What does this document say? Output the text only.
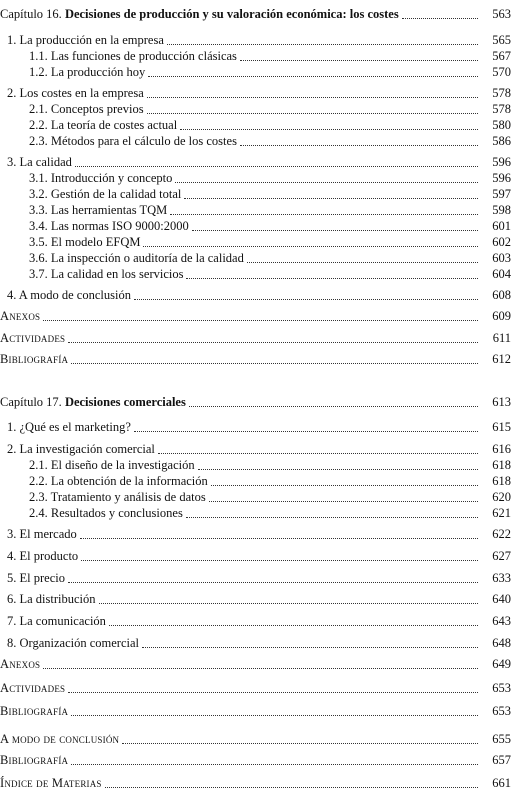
Capítulo 16. Decisiones de producción y su valoración económica: los costes	563
1. La producción en la empresa	565
1.1. Las funciones de producción clásicas	567
1.2. La producción hoy	570
2. Los costes en la empresa	578
2.1. Conceptos previos	578
2.2. La teoría de costes actual	580
2.3. Métodos para el cálculo de los costes	586
3. La calidad	596
3.1. Introducción y concepto	596
3.2. Gestión de la calidad total	597
3.3. Las herramientas TQM	598
3.4. Las normas ISO 9000:2000	601
3.5. El modelo EFQM	602
3.6. La inspección o auditoría de la calidad	603
3.7. La calidad en los servicios	604
4. A modo de conclusión	608
Anexos	609
Actividades	611
Bibliografía	612
Capítulo 17. Decisiones comerciales	613
1. ¿Qué es el marketing?	615
2. La investigación comercial	616
2.1. El diseño de la investigación	618
2.2. La obtención de la información	618
2.3. Tratamiento y análisis de datos	620
2.4. Resultados y conclusiones	621
3. El mercado	622
4. El producto	627
5. El precio	633
6. La distribución	640
7. La comunicación	643
8. Organización comercial	648
Anexos	649
Actividades	653
Bibliografía	653
A modo de conclusión	655
Bibliografía	657
Índice de Materias	661
